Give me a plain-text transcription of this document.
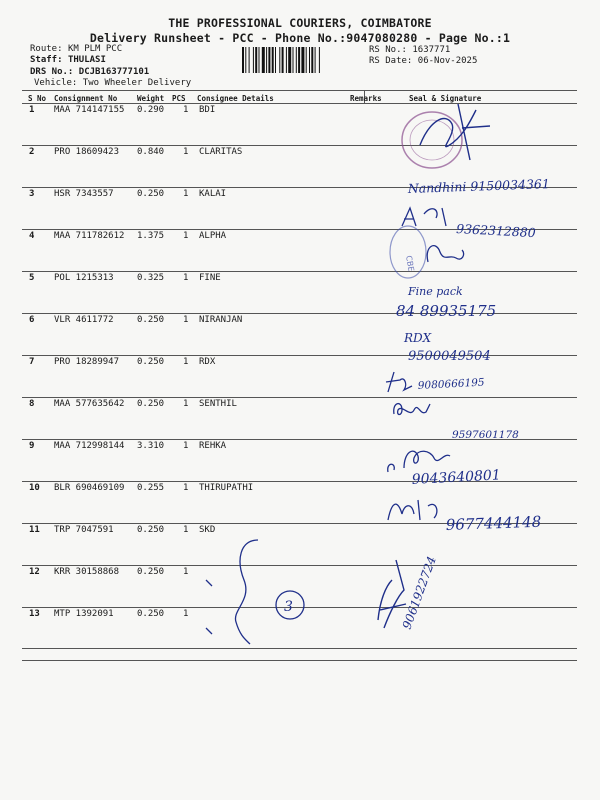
THE PROFESSIONAL COURIERS, COIMBATORE
Delivery Runsheet - PCC - Phone No.:9047080280 - Page No.:1
Route: KM PLM PCC
Staff: THULASI
DRS No.: DCJB163777101
Vehicle: Two Wheeler Delivery
RS No.: 1637771
RS Date: 06-Nov-2025
S No Consignment No	Weight PCS Consignee Details	Remarks	Seal & Signature
1 MAA 714147155 0.290 1 BDI
2 PRO 18609423 0.840 1 CLARITAS
3 HSR 7343557	0.250 1 KALAI
4 MAA 711782612 1.375 1 ALPHA
5 POL 1215313	0.325 1 FINE
6 VLR 4611772	0.250 1 NIRANJAN
7 PRO 18289947 0.250 1 RDX
8 MAA 577635642 0.250 1 SENTHIL
9 MAA 712998144 3.310 1 REHKA
10 BLR 690469109 0.255 1 THIRUPATHI
11 TRP 7047591	0.250 1 SKD
12 KRR 30158868 0.250 1
13 MTP 1392091	0.250 1
Nandhini 9150034361
9362312880
CBE
Fine pack
84 89935175
RDX
9500049504
9080666195
9597601178
9043640801
9677444148
3	9061922724
